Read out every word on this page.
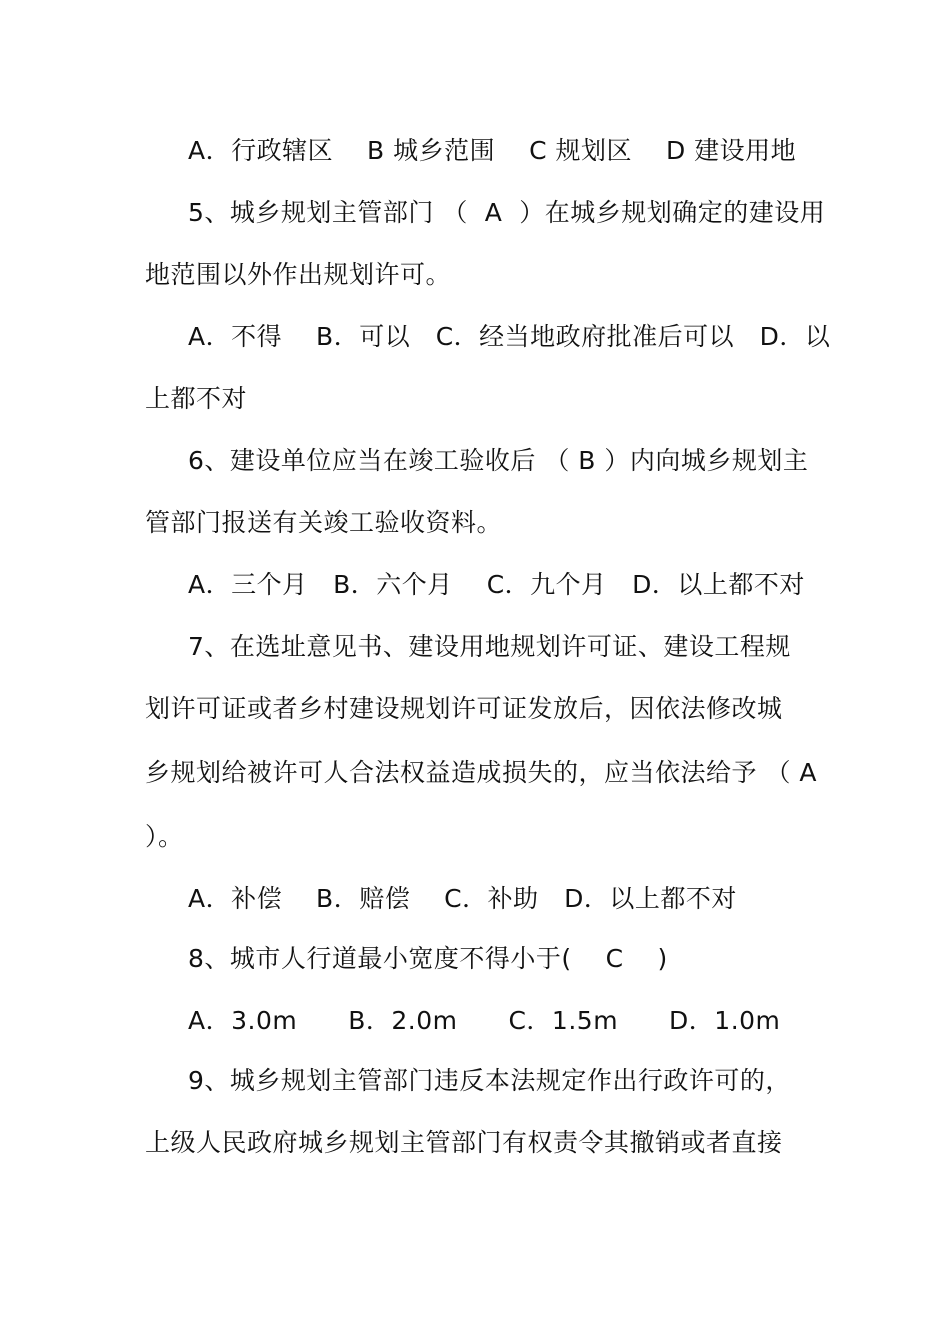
A．行政辖区　 B 城乡范围　 C 规划区　 D 建设用地
5、城乡规划主管部门 （  A  ）在城乡规划确定的建设用
地范围以外作出规划许可。
A．不得　 B．可以　C．经当地政府批准后可以　D．以
上都不对
6、建设单位应当在竣工验收后 （ B ）内向城乡规划主
管部门报送有关竣工验收资料。
A．三个月　B．六个月　 C．九个月　D．以上都不对
7、在选址意见书、建设用地规划许可证、建设工程规
划许可证或者乡村建设规划许可证发放后，因依法修改城
乡规划给被许可人合法权益造成损失的，应当依法给予 （ A
）。
A．补偿　 B．赔偿　 C．补助　D．以上都不对
8、城市人行道最小宽度不得小于(　 C　 )
A．3.0m　　B．2.0m　　C．1.5m　　D．1.0m
9、城乡规划主管部门违反本法规定作出行政许可的，
上级人民政府城乡规划主管部门有权责令其撤销或者直接
